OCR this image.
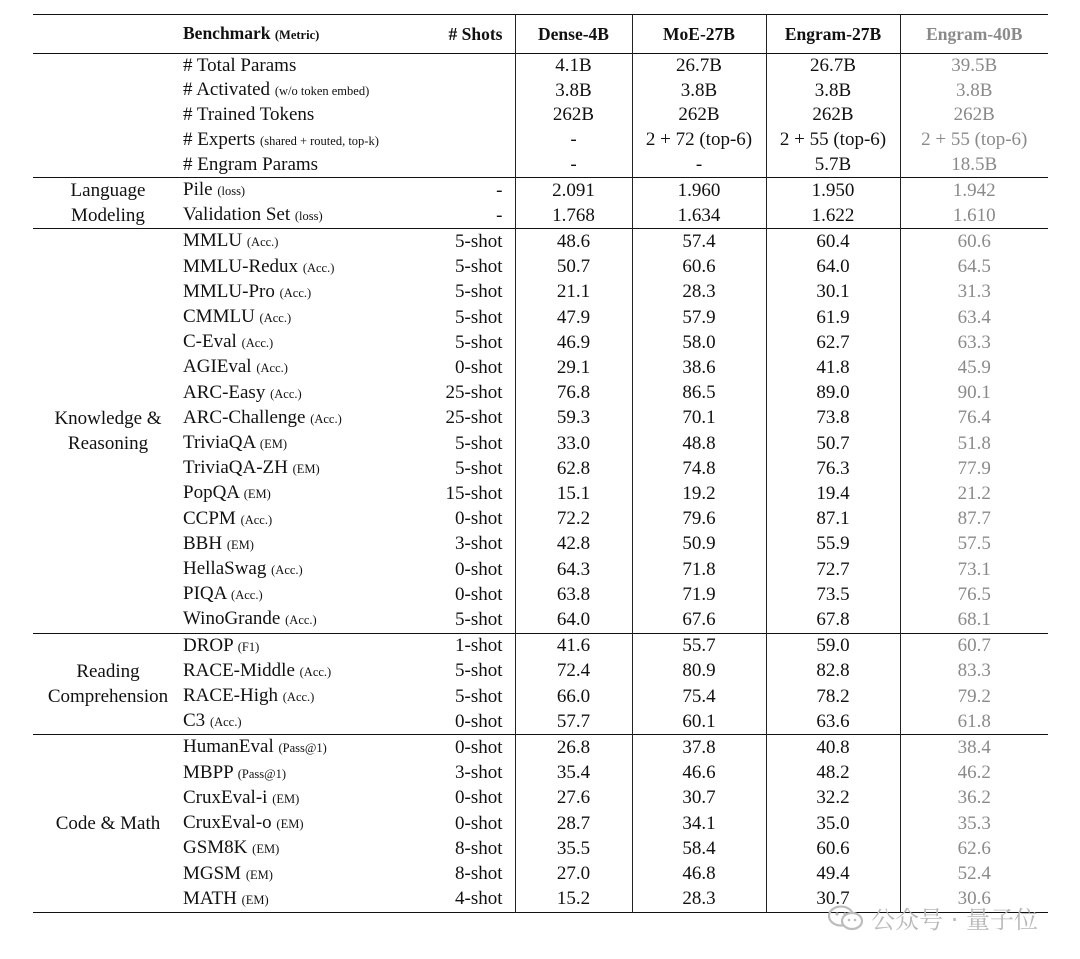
	Benchmark (Metric)	# Shots	Dense-4B	MoE-27B	Engram-27B	Engram-40B
	# Total Params		4.1B	26.7B	26.7B	39.5B
	# Activated (w/o token embed)		3.8B	3.8B	3.8B	3.8B
	# Trained Tokens		262B	262B	262B	262B
	# Experts (shared + routed, top-k)		-	2 + 72 (top-6)	2 + 55 (top-6)	2 + 55 (top-6)
	# Engram Params		-	-	5.7B	18.5B

Language Modeling	Pile (loss)	-	2.091	1.960	1.950	1.942
	Validation Set (loss)	-	1.768	1.634	1.622	1.610

Knowledge & Reasoning	MMLU (Acc.)	5-shot	48.6	57.4	60.4	60.6
	MMLU-Redux (Acc.)	5-shot	50.7	60.6	64.0	64.5
	MMLU-Pro (Acc.)	5-shot	21.1	28.3	30.1	31.3
	CMMLU (Acc.)	5-shot	47.9	57.9	61.9	63.4
	C-Eval (Acc.)	5-shot	46.9	58.0	62.7	63.3
	AGIEval (Acc.)	0-shot	29.1	38.6	41.8	45.9
	ARC-Easy (Acc.)	25-shot	76.8	86.5	89.0	90.1
	ARC-Challenge (Acc.)	25-shot	59.3	70.1	73.8	76.4
	TriviaQA (EM)	5-shot	33.0	48.8	50.7	51.8
	TriviaQA-ZH (EM)	5-shot	62.8	74.8	76.3	77.9
	PopQA (EM)	15-shot	15.1	19.2	19.4	21.2
	CCPM (Acc.)	0-shot	72.2	79.6	87.1	87.7
	BBH (EM)	3-shot	42.8	50.9	55.9	57.5
	HellaSwag (Acc.)	0-shot	64.3	71.8	72.7	73.1
	PIQA (Acc.)	0-shot	63.8	71.9	73.5	76.5
	WinoGrande (Acc.)	5-shot	64.0	67.6	67.8	68.1

Reading Comprehension	DROP (F1)	1-shot	41.6	55.7	59.0	60.7
	RACE-Middle (Acc.)	5-shot	72.4	80.9	82.8	83.3
	RACE-High (Acc.)	5-shot	66.0	75.4	78.2	79.2
	C3 (Acc.)	0-shot	57.7	60.1	63.6	61.8

Code & Math	HumanEval (Pass@1)	0-shot	26.8	37.8	40.8	38.4
	MBPP (Pass@1)	3-shot	35.4	46.6	48.2	46.2
	CruxEval-i (EM)	0-shot	27.6	30.7	32.2	36.2
	CruxEval-o (EM)	0-shot	28.7	34.1	35.0	35.3
	GSM8K (EM)	8-shot	35.5	58.4	60.6	62.6
	MGSM (EM)	8-shot	27.0	46.8	49.4	52.4
	MATH (EM)	4-shot	15.2	28.3	30.7	30.6
公众号 · 量子位
